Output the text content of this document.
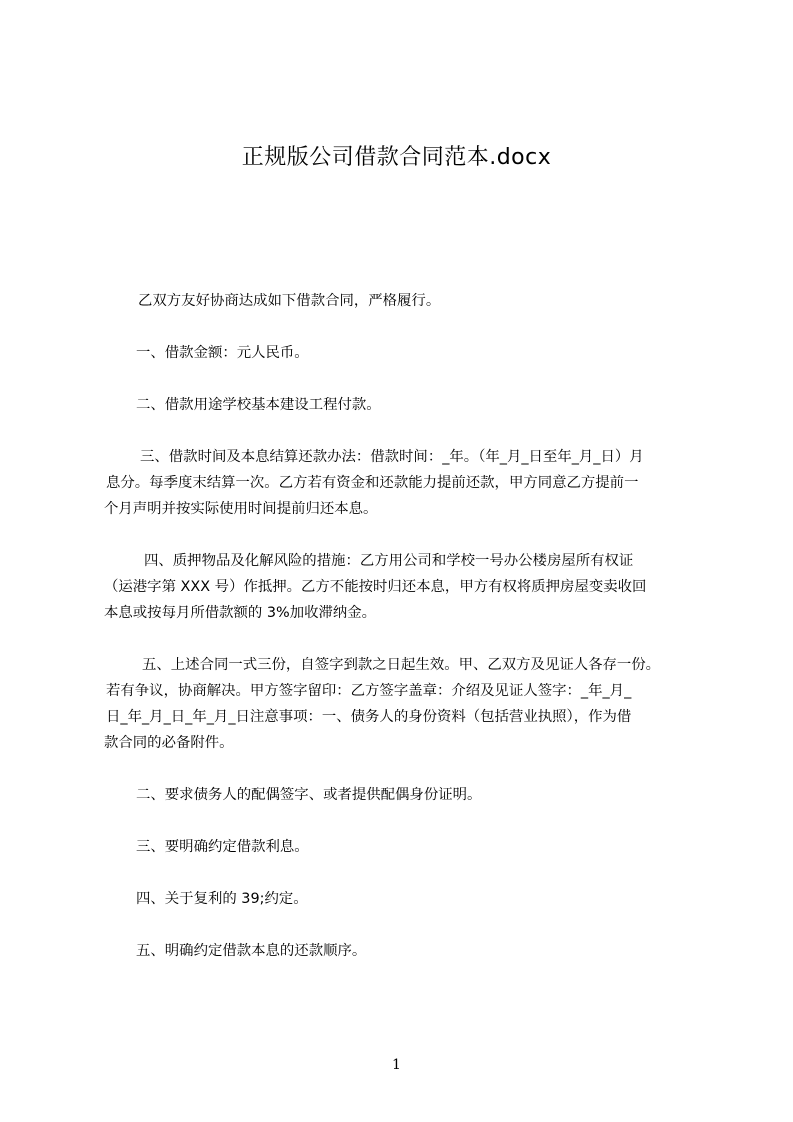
正规版公司借款合同范本.docx

乙双方友好协商达成如下借款合同，严格履行。

一、借款金额：元人民币。

二、借款用途学校基本建设工程付款。

三、借款时间及本息结算还款办法：借款时间：_年。（年_月_日至年_月_日）月
息分。每季度末结算一次。乙方若有资金和还款能力提前还款，甲方同意乙方提前一
个月声明并按实际使用时间提前归还本息。

四、质押物品及化解风险的措施：乙方用公司和学校一号办公楼房屋所有权证
（运港字第 XXX 号）作抵押。乙方不能按时归还本息，甲方有权将质押房屋变卖收回
本息或按每月所借款额的 3%加收滞纳金。

五、上述合同一式三份，自签字到款之日起生效。甲、乙双方及见证人各存一份。
若有争议，协商解决。甲方签字留印：乙方签字盖章：介绍及见证人签字：_年_月_
日_年_月_日_年_月_日注意事项：一、债务人的身份资料（包括营业执照），作为借
款合同的必备附件。

二、要求债务人的配偶签字、或者提供配偶身份证明。

三、要明确约定借款利息。

四、关于复利的 39;约定。

五、明确约定借款本息的还款顺序。

1
